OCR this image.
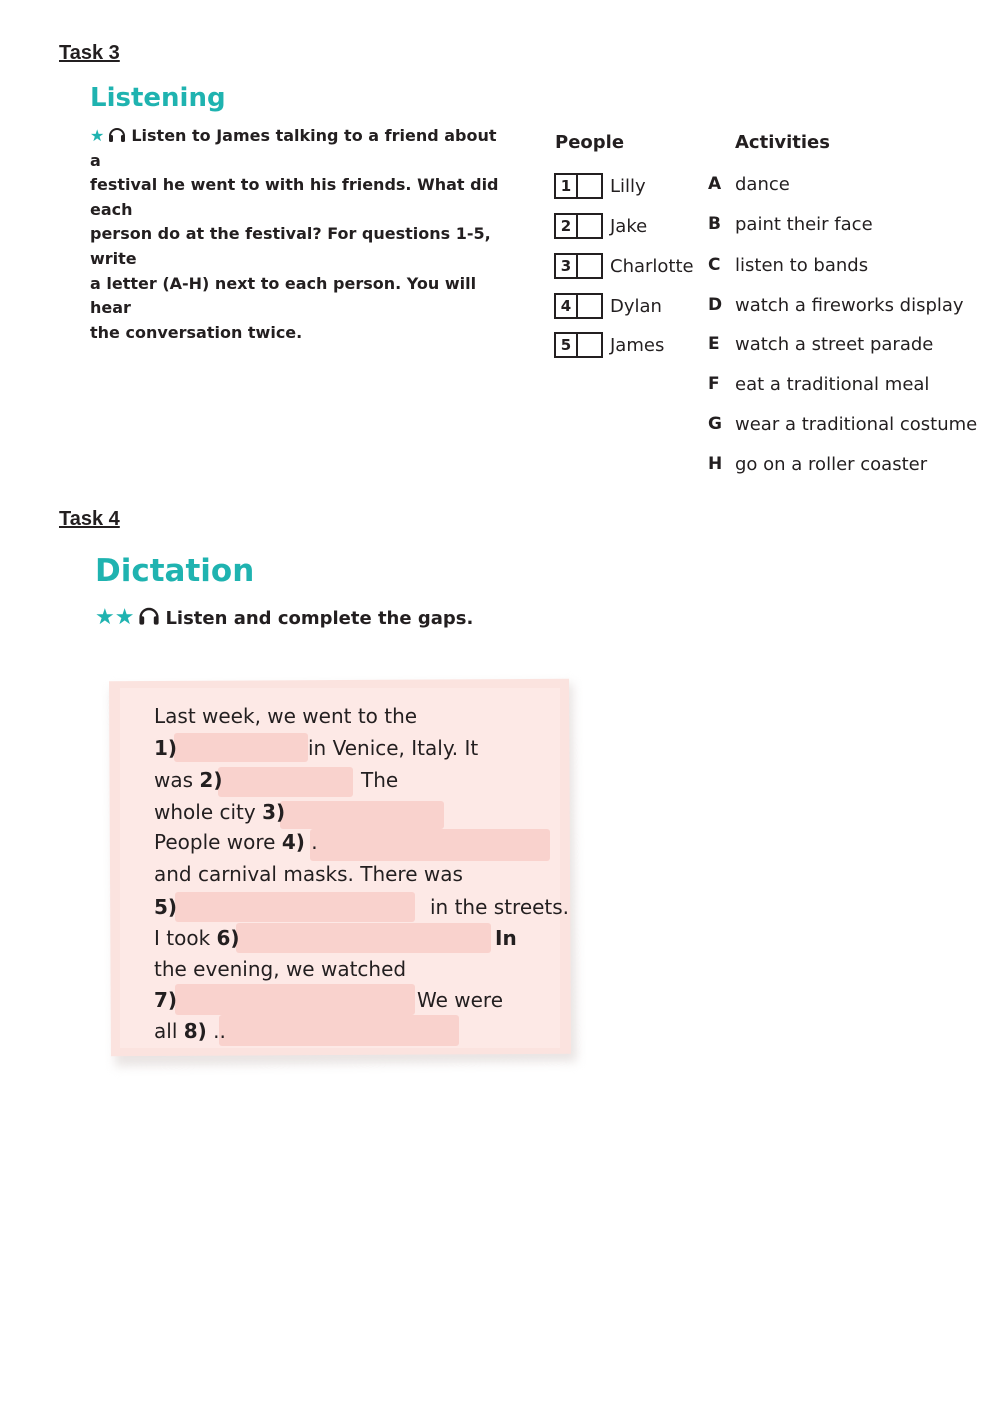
Task 3
Listening
★ Listen to James talking to a friend about a
festival he went to with his friends. What did each
person do at the festival? For questions 1-5, write
a letter (A-H) next to each person. You will hear
the conversation twice.
People	Activities
1 Lilly
2 Jake
3 Charlotte
4 Dylan
5 James
A dance
B paint their face
C listen to bands
D watch a fireworks display
E watch a street parade
F eat a traditional meal
G wear a traditional costume
H go on a roller coaster
Task 4
Dictation
★★ Listen and complete the gaps.
Last week, we went to the
1)	in Venice, Italy. It
was 2)	The
whole city 3)
People wore 4) .
and carnival masks. There was
5)	in the streets.
I took 6)	In
the evening, we watched
7)	We were
all 8) ..
